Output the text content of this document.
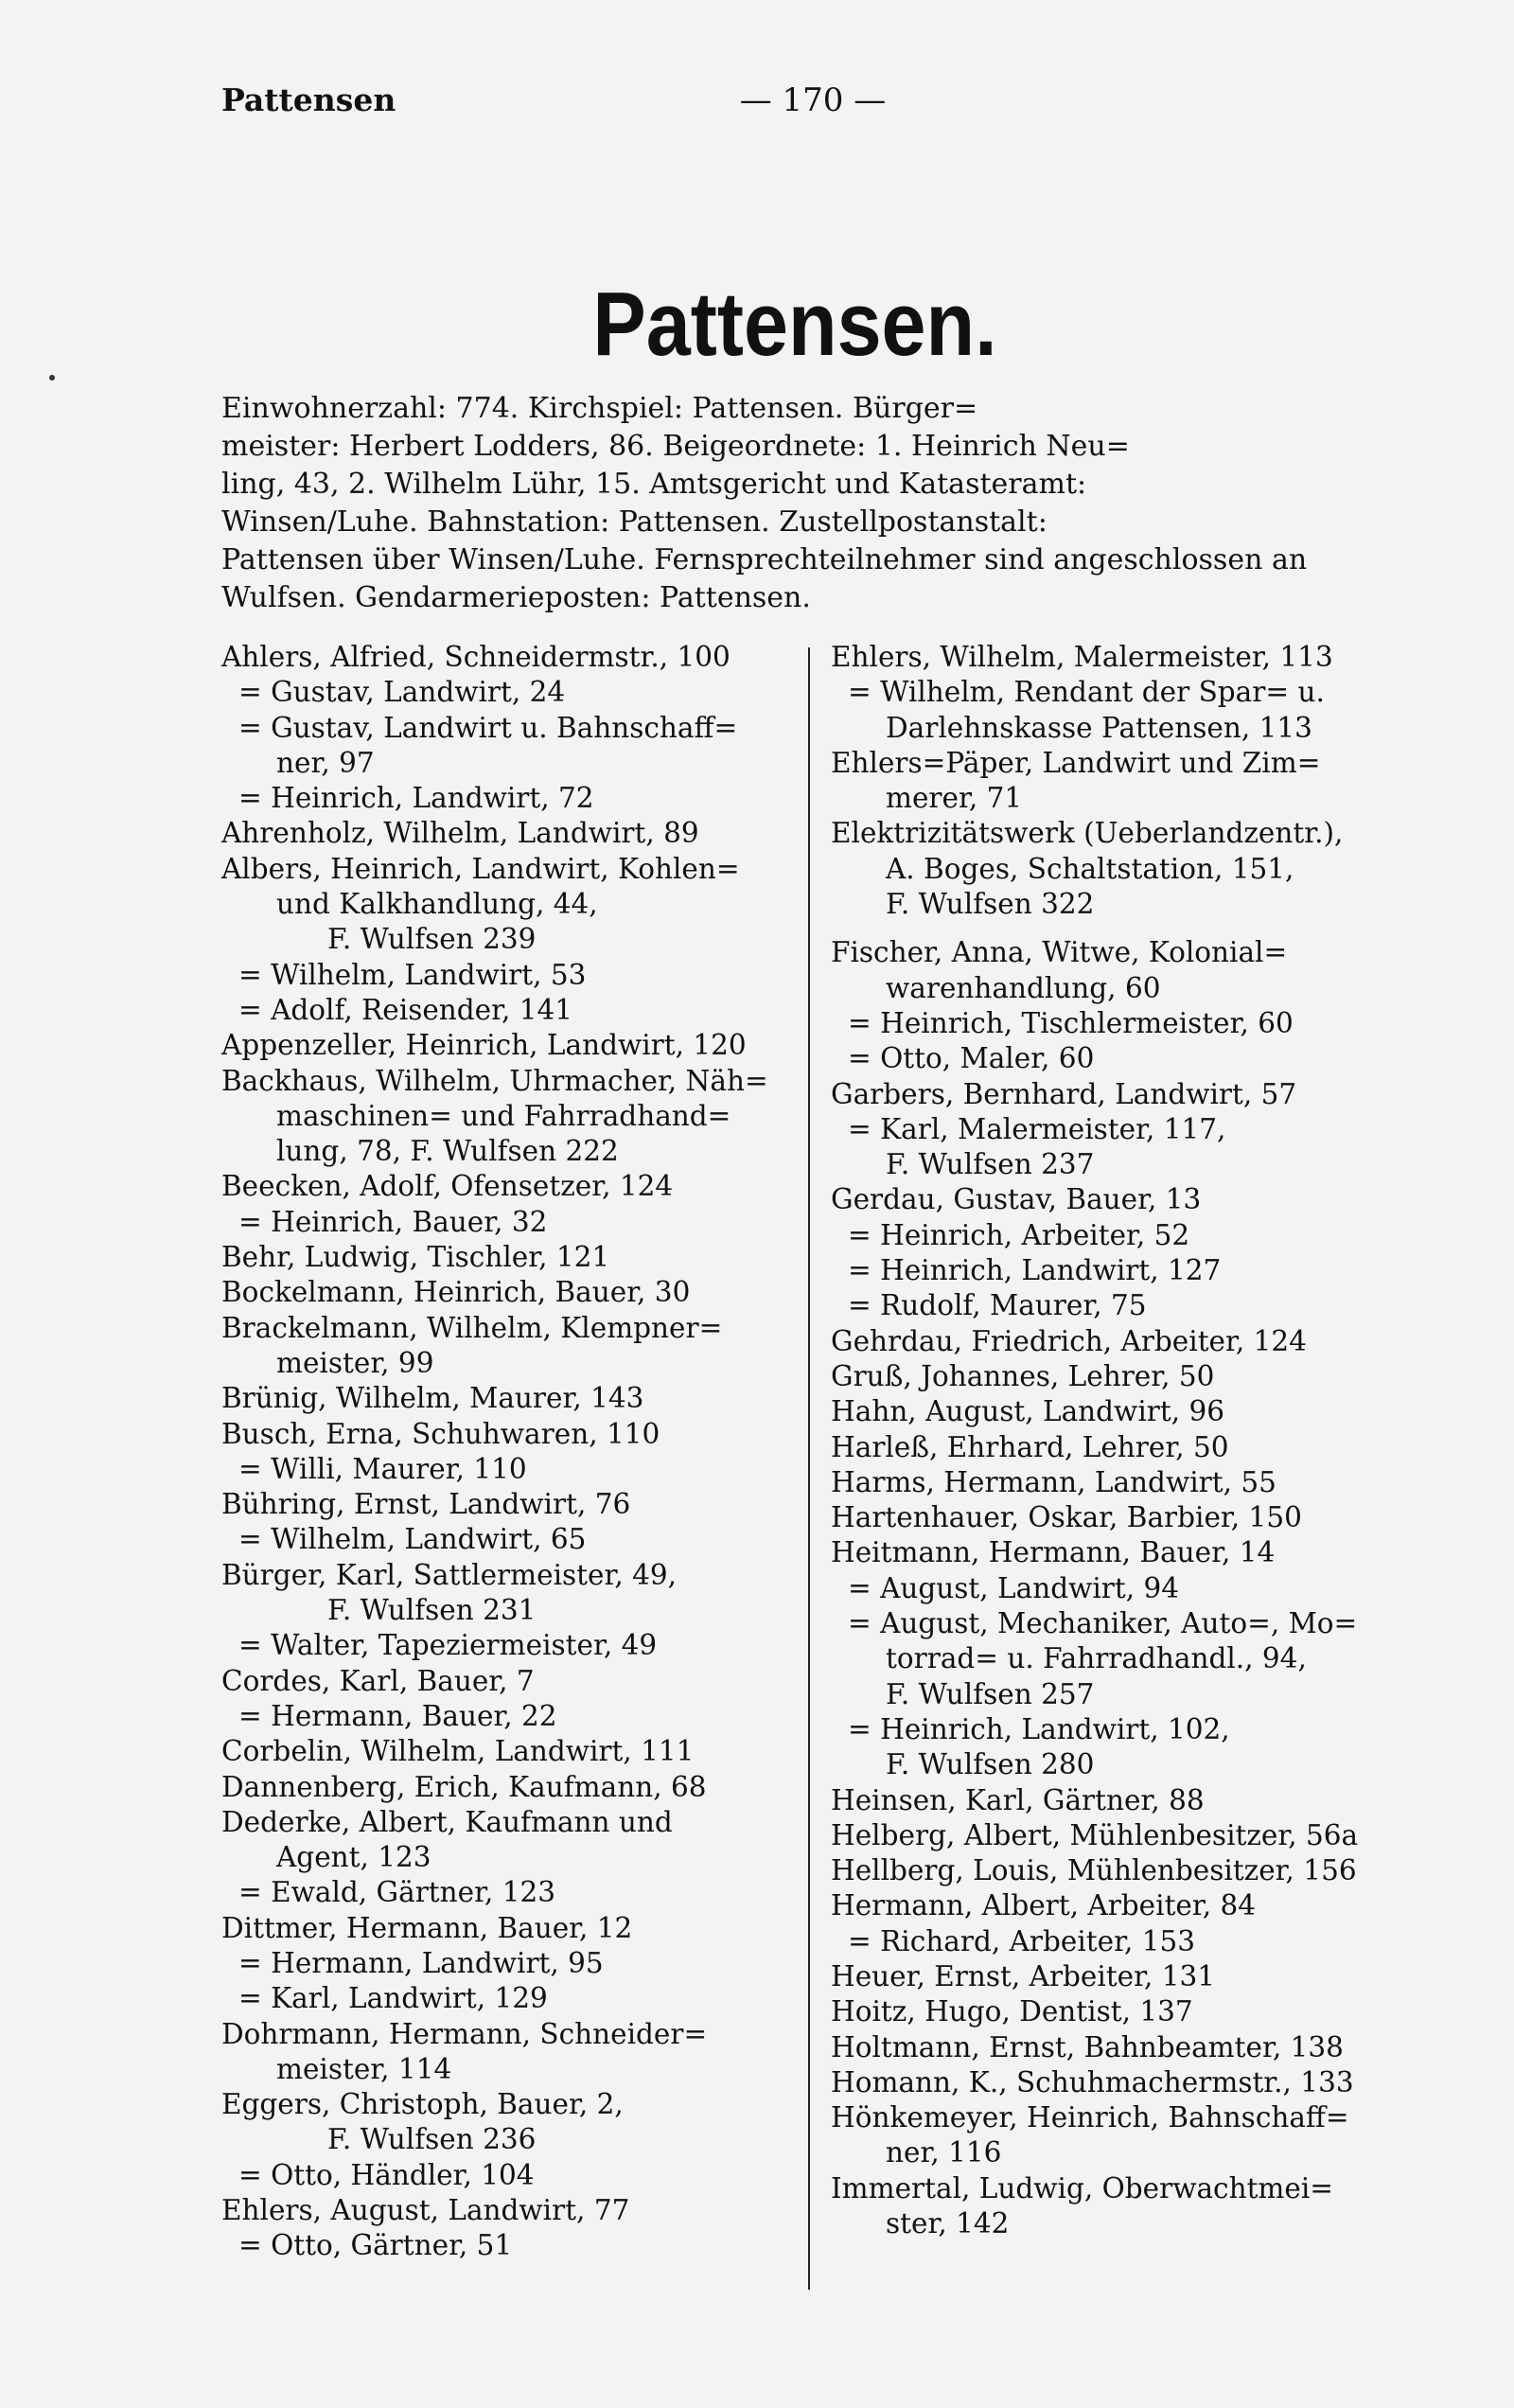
Pattensen	— 170 —
Pattensen.
Einwohnerzahl: 774. Kirchspiel: Pattensen. Bürger=
meister: Herbert Lodders, 86. Beigeordnete: 1. Heinrich Neu=
ling, 43, 2. Wilhelm Lühr, 15. Amtsgericht und Katasteramt:
Winsen/Luhe. Bahnstation: Pattensen. Zustellpostanstalt:
Pattensen über Winsen/Luhe. Fernsprechteilnehmer sind angeschlossen an
Wulfsen. Gendarmerieposten: Pattensen.
Ahlers, Alfried, Schneidermstr., 100
= Gustav, Landwirt, 24
= Gustav, Landwirt u. Bahnschaff=
ner, 97
= Heinrich, Landwirt, 72
Ahrenholz, Wilhelm, Landwirt, 89
Albers, Heinrich, Landwirt, Kohlen=
und Kalkhandlung, 44,
F. Wulfsen 239
= Wilhelm, Landwirt, 53
= Adolf, Reisender, 141
Appenzeller, Heinrich, Landwirt, 120
Backhaus, Wilhelm, Uhrmacher, Näh=
maschinen= und Fahrradhand=
lung, 78, F. Wulfsen 222
Beecken, Adolf, Ofensetzer, 124
= Heinrich, Bauer, 32
Behr, Ludwig, Tischler, 121
Bockelmann, Heinrich, Bauer, 30
Brackelmann, Wilhelm, Klempner=
meister, 99
Brünig, Wilhelm, Maurer, 143
Busch, Erna, Schuhwaren, 110
= Willi, Maurer, 110
Bühring, Ernst, Landwirt, 76
= Wilhelm, Landwirt, 65
Bürger, Karl, Sattlermeister, 49,
F. Wulfsen 231
= Walter, Tapeziermeister, 49
Cordes, Karl, Bauer, 7
= Hermann, Bauer, 22
Corbelin, Wilhelm, Landwirt, 111
Dannenberg, Erich, Kaufmann, 68
Dederke, Albert, Kaufmann und
Agent, 123
= Ewald, Gärtner, 123
Dittmer, Hermann, Bauer, 12
= Hermann, Landwirt, 95
= Karl, Landwirt, 129
Dohrmann, Hermann, Schneider=
meister, 114
Eggers, Christoph, Bauer, 2,
F. Wulfsen 236
= Otto, Händler, 104
Ehlers, August, Landwirt, 77
= Otto, Gärtner, 51
Ehlers, Wilhelm, Malermeister, 113
= Wilhelm, Rendant der Spar= u.
Darlehnskasse Pattensen, 113
Ehlers=Päper, Landwirt und Zim=
merer, 71
Elektrizitätswerk (Ueberlandzentr.),
A. Boges, Schaltstation, 151,
F. Wulfsen 322
Fischer, Anna, Witwe, Kolonial=
warenhandlung, 60
= Heinrich, Tischlermeister, 60
= Otto, Maler, 60
Garbers, Bernhard, Landwirt, 57
= Karl, Malermeister, 117,
F. Wulfsen 237
Gerdau, Gustav, Bauer, 13
= Heinrich, Arbeiter, 52
= Heinrich, Landwirt, 127
= Rudolf, Maurer, 75
Gehrdau, Friedrich, Arbeiter, 124
Gruß, Johannes, Lehrer, 50
Hahn, August, Landwirt, 96
Harleß, Ehrhard, Lehrer, 50
Harms, Hermann, Landwirt, 55
Hartenhauer, Oskar, Barbier, 150
Heitmann, Hermann, Bauer, 14
= August, Landwirt, 94
= August, Mechaniker, Auto=, Mo=
torrad= u. Fahrradhandl., 94,
F. Wulfsen 257
= Heinrich, Landwirt, 102,
F. Wulfsen 280
Heinsen, Karl, Gärtner, 88
Helberg, Albert, Mühlenbesitzer, 56a
Hellberg, Louis, Mühlenbesitzer, 156
Hermann, Albert, Arbeiter, 84
= Richard, Arbeiter, 153
Heuer, Ernst, Arbeiter, 131
Hoitz, Hugo, Dentist, 137
Holtmann, Ernst, Bahnbeamter, 138
Homann, K., Schuhmachermstr., 133
Hönkemeyer, Heinrich, Bahnschaff=
ner, 116
Immertal, Ludwig, Oberwachtmei=
ster, 142
